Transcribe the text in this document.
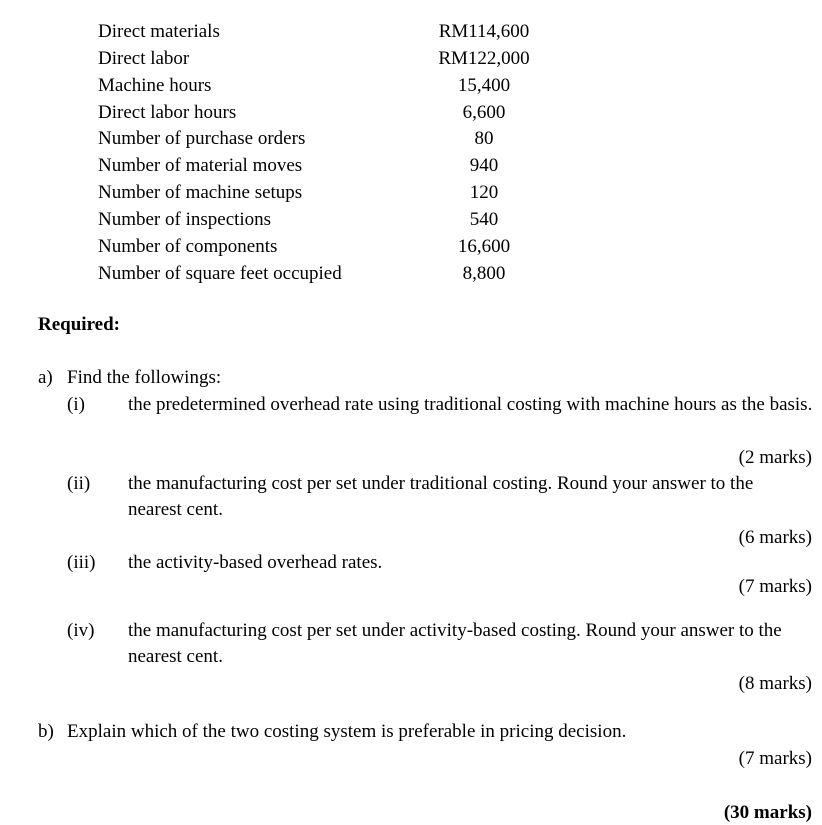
Direct materials	RM114,600
Direct labor	RM122,000
Machine hours	15,400
Direct labor hours	6,600
Number of purchase orders	80
Number of material moves	940
Number of machine setups	120
Number of inspections	540
Number of components	16,600
Number of square feet occupied	8,800
Required:
a) Find the followings:
(i) the predetermined overhead rate using traditional costing with machine hours as the basis.
(2 marks)
(ii) the manufacturing cost per set under traditional costing. Round your answer to the nearest cent.
(6 marks)
(iii) the activity-based overhead rates.
(7 marks)
(iv) the manufacturing cost per set under activity-based costing. Round your answer to the nearest cent.
(8 marks)
b) Explain which of the two costing system is preferable in pricing decision.
(7 marks)
(30 marks)
